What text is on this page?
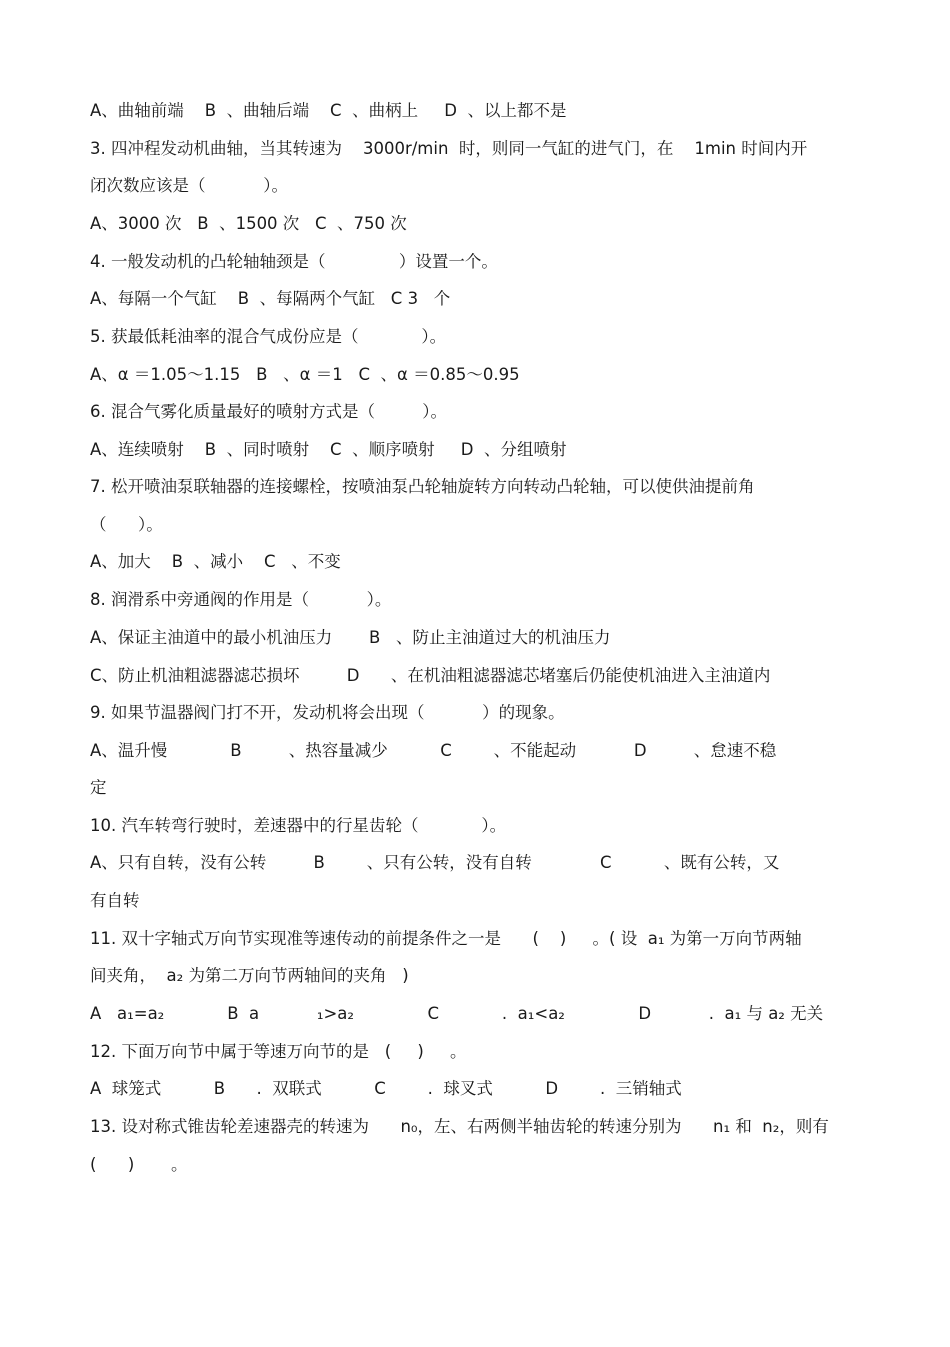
A、曲轴前端    B  、曲轴后端    C  、曲柄上     D  、以上都不是
3. 四冲程发动机曲轴，当其转速为    3000r/min  时，则同一气缸的进气门，在    1min 时间内开
闭次数应该是（           ）。
A、3000 次   B  、1500 次   C  、750 次
4. 一般发动机的凸轮轴轴颈是（              ）设置一个。
A、每隔一个气缸    B  、每隔两个气缸   C 3   个
5. 获最低耗油率的混合气成份应是（            ）。
A、α ＝1.05～1.15   B   、α ＝1   C  、α ＝0.85～0.95
6. 混合气雾化质量最好的喷射方式是（         ）。
A、连续喷射    B  、同时喷射    C  、顺序喷射     D  、分组喷射
7. 松开喷油泵联轴器的连接螺栓，按喷油泵凸轮轴旋转方向转动凸轮轴，可以使供油提前角
（      ）。
A、加大    B  、减小    C   、不变
8. 润滑系中旁通阀的作用是（           ）。
A、保证主油道中的最小机油压力       B   、防止主油道过大的机油压力
C、防止机油粗滤器滤芯损坏         D      、在机油粗滤器滤芯堵塞后仍能使机油进入主油道内
9. 如果节温器阀门打不开，发动机将会出现（           ）的现象。
A、温升慢            B         、热容量减少          C        、不能起动           D         、怠速不稳
定
10. 汽车转弯行驶时，差速器中的行星齿轮（            ）。
A、只有自转，没有公转         B        、只有公转，没有自转             C          、既有公转，又
有自转
11. 双十字轴式万向节实现准等速传动的前提条件之一是      (    )     。( 设  a₁ 为第一万向节两轴
间夹角，  a₂ 为第二万向节两轴间的夹角   )
A   a₁=a₂            B  a           ₁>a₂              C            .  a₁<a₂              D           .  a₁ 与 a₂ 无关
12. 下面万向节中属于等速万向节的是   (     )     。
A  球笼式          B      .  双联式          C        .  球叉式          D        .  三销轴式
13. 设对称式锥齿轮差速器壳的转速为      n₀，左、右两侧半轴齿轮的转速分别为      n₁ 和  n₂，则有
(      )       。
